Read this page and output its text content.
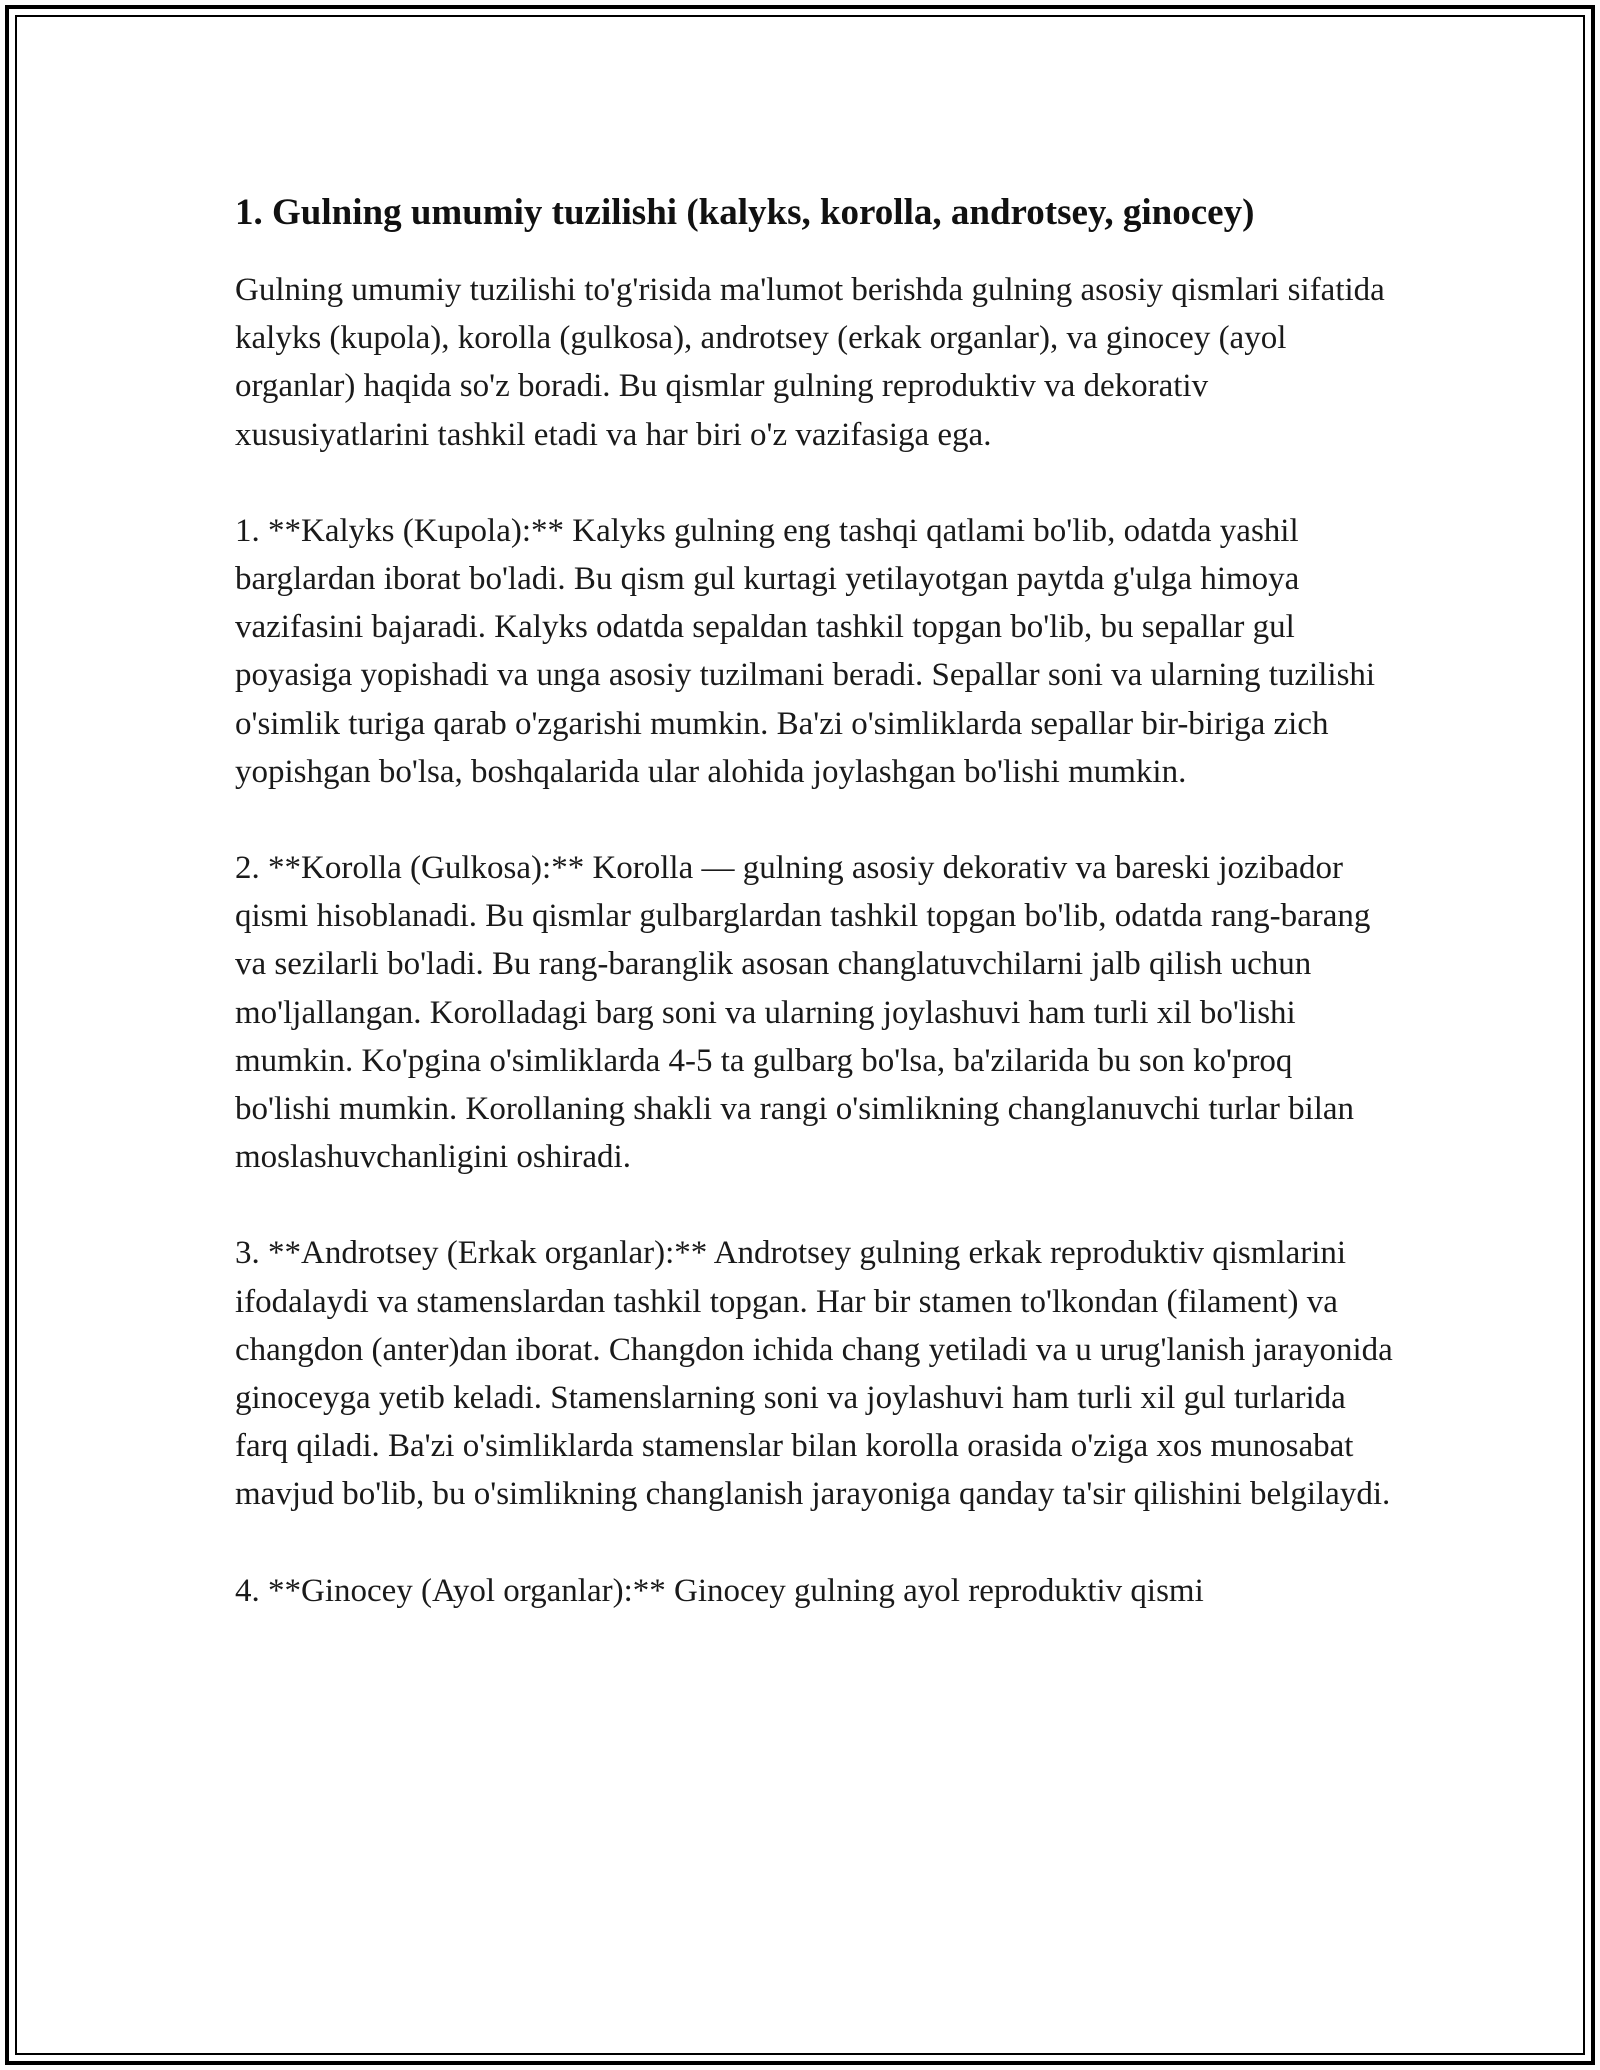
1. Gulning umumiy tuzilishi (kalyks, korolla, androtsey, ginocey)

Gulning umumiy tuzilishi to'g'risida ma'lumot berishda gulning asosiy qismlari sifatida kalyks (kupola), korolla (gulkosa), androtsey (erkak organlar), va ginocey (ayol organlar) haqida so'z boradi. Bu qismlar gulning reproduktiv va dekorativ xususiyatlarini tashkil etadi va har biri o'z vazifasiga ega.

1. **Kalyks (Kupola):** Kalyks gulning eng tashqi qatlami bo'lib, odatda yashil barglardan iborat bo'ladi. Bu qism gul kurtagi yetilayotgan paytda g'ulga himoya vazifasini bajaradi. Kalyks odatda sepaldan tashkil topgan bo'lib, bu sepallar gul poyasiga yopishadi va unga asosiy tuzilmani beradi. Sepallar soni va ularning tuzilishi o'simlik turiga qarab o'zgarishi mumkin. Ba'zi o'simliklarda sepallar bir-biriga zich yopishgan bo'lsa, boshqalarida ular alohida joylashgan bo'lishi mumkin.

2. **Korolla (Gulkosa):** Korolla — gulning asosiy dekorativ va bareski jozibador qismi hisoblanadi. Bu qismlar gulbarglardan tashkil topgan bo'lib, odatda rang-barang va sezilarli bo'ladi. Bu rang-baranglik asosan changlatuvchilarni jalb qilish uchun mo'ljallangan. Korolladagi barg soni va ularning joylashuvi ham turli xil bo'lishi mumkin. Ko'pgina o'simliklarda 4-5 ta gulbarg bo'lsa, ba'zilarida bu son ko'proq bo'lishi mumkin. Korollaning shakli va rangi o'simlikning changlanuvchi turlar bilan moslashuvchanligini oshiradi.

3. **Androtsey (Erkak organlar):** Androtsey gulning erkak reproduktiv qismlarini ifodalaydi va stamenslardan tashkil topgan. Har bir stamen to'lkondan (filament) va changdon (anter)dan iborat. Changdon ichida chang yetiladi va u urug'lanish jarayonida ginoceyga yetib keladi. Stamenslarning soni va joylashuvi ham turli xil gul turlarida farq qiladi. Ba'zi o'simliklarda stamenslar bilan korolla orasida o'ziga xos munosabat mavjud bo'lib, bu o'simlikning changlanish jarayoniga qanday ta'sir qilishini belgilaydi.

4. **Ginocey (Ayol organlar):** Ginocey gulning ayol reproduktiv qismi
